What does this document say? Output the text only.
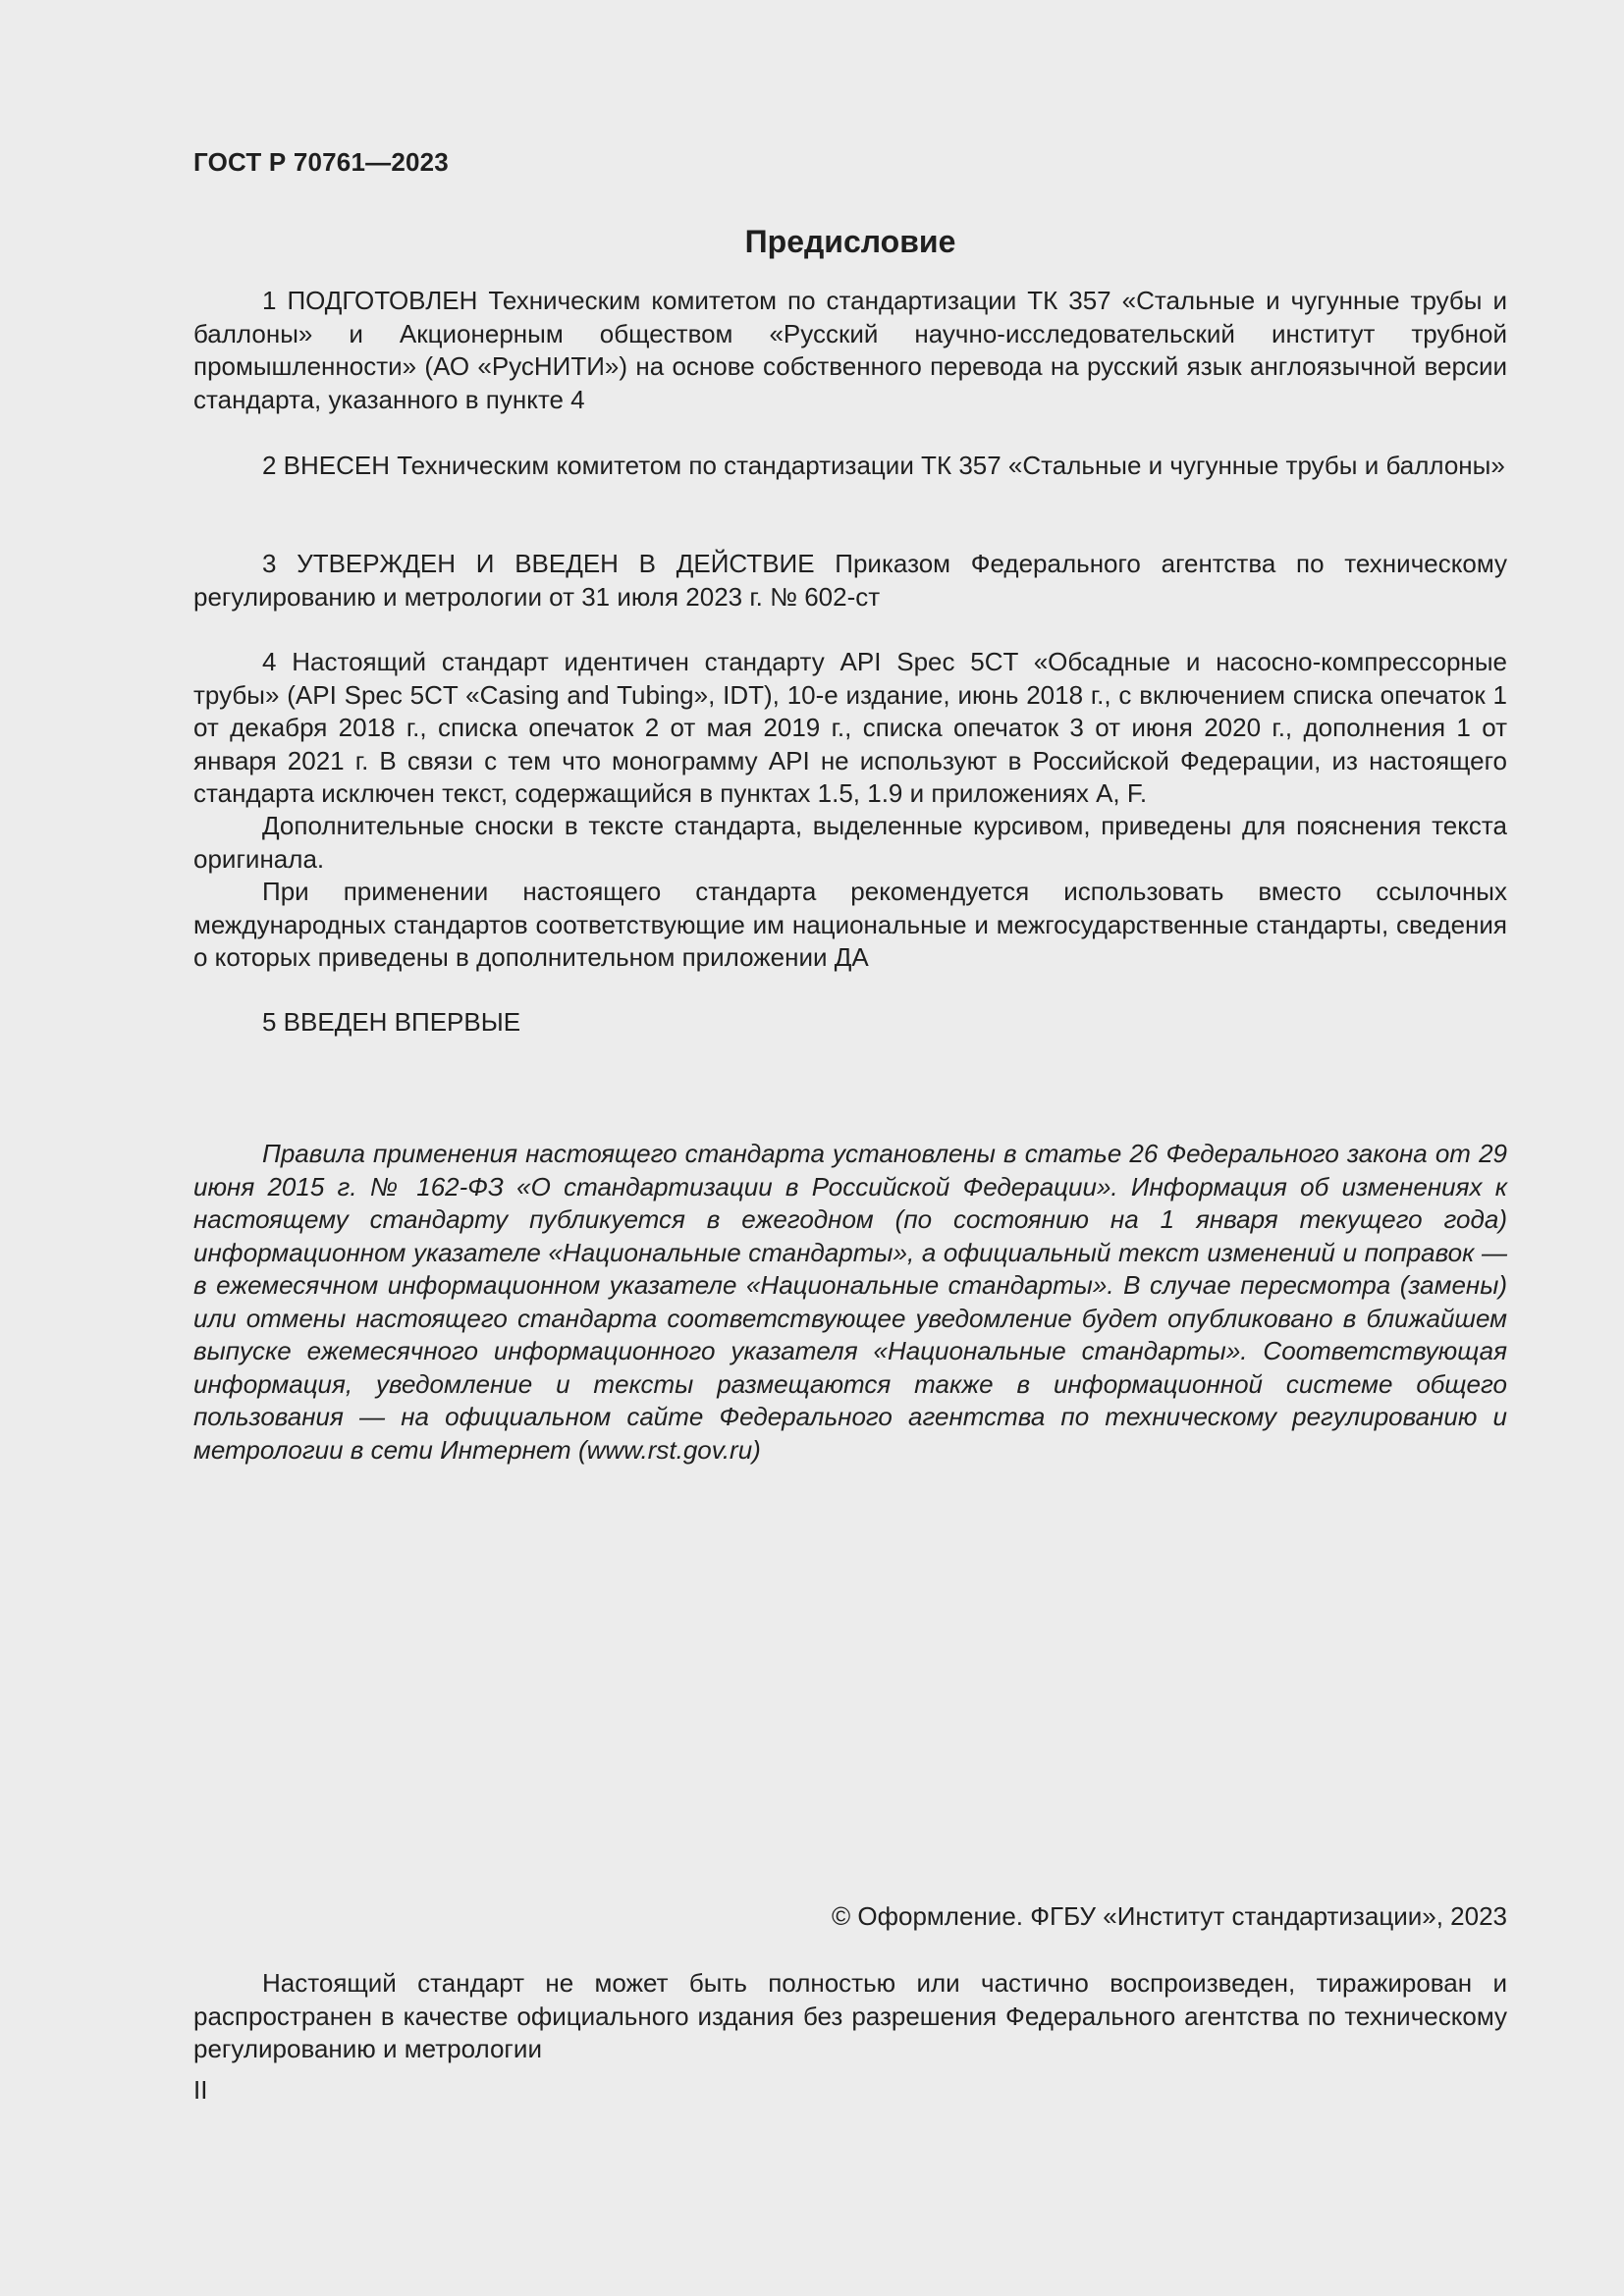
ГОСТ Р 70761—2023
Предисловие

1 ПОДГОТОВЛЕН Техническим комитетом по стандартизации ТК 357 «Стальные и чугунные трубы и баллоны» и Акционерным обществом «Русский научно-исследовательский институт трубной промышленности» (АО «РусНИТИ») на основе собственного перевода на русский язык англоязычной версии стандарта, указанного в пункте 4

2 ВНЕСЕН Техническим комитетом по стандартизации ТК 357 «Стальные и чугунные трубы и баллоны»

3 УТВЕРЖДЕН И ВВЕДЕН В ДЕЙСТВИЕ Приказом Федерального агентства по техническому регулированию и метрологии от 31 июля 2023 г. № 602-ст

4 Настоящий стандарт идентичен стандарту API Spec 5CT «Обсадные и насосно-компрессорные трубы» (API Spec 5CT «Casing and Tubing», IDT), 10-е издание, июнь 2018 г., с включением списка опечаток 1 от декабря 2018 г., списка опечаток 2 от мая 2019 г., списка опечаток 3 от июня 2020 г., дополнения 1 от января 2021 г. В связи с тем что монограмму API не используют в Российской Федерации, из настоящего стандарта исключен текст, содержащийся в пунктах 1.5, 1.9 и приложениях A, F.

Дополнительные сноски в тексте стандарта, выделенные курсивом, приведены для пояснения текста оригинала.

При применении настоящего стандарта рекомендуется использовать вместо ссылочных международных стандартов соответствующие им национальные и межгосударственные стандарты, сведения о которых приведены в дополнительном приложении ДА

5 ВВЕДЕН ВПЕРВЫЕ

Правила применения настоящего стандарта установлены в статье 26 Федерального закона от 29 июня 2015 г. № 162-ФЗ «О стандартизации в Российской Федерации». Информация об изменениях к настоящему стандарту публикуется в ежегодном (по состоянию на 1 января текущего года) информационном указателе «Национальные стандарты», а официальный текст изменений и поправок — в ежемесячном информационном указателе «Национальные стандарты». В случае пересмотра (замены) или отмены настоящего стандарта соответствующее уведомление будет опубликовано в ближайшем выпуске ежемесячного информационного указателя «Национальные стандарты». Соответствующая информация, уведомление и тексты размещаются также в информационной системе общего пользования — на официальном сайте Федерального агентства по техническому регулированию и метрологии в сети Интернет (www.rst.gov.ru)

© Оформление. ФГБУ «Институт стандартизации», 2023

Настоящий стандарт не может быть полностью или частично воспроизведен, тиражирован и распространен в качестве официального издания без разрешения Федерального агентства по техническому регулированию и метрологии

II
